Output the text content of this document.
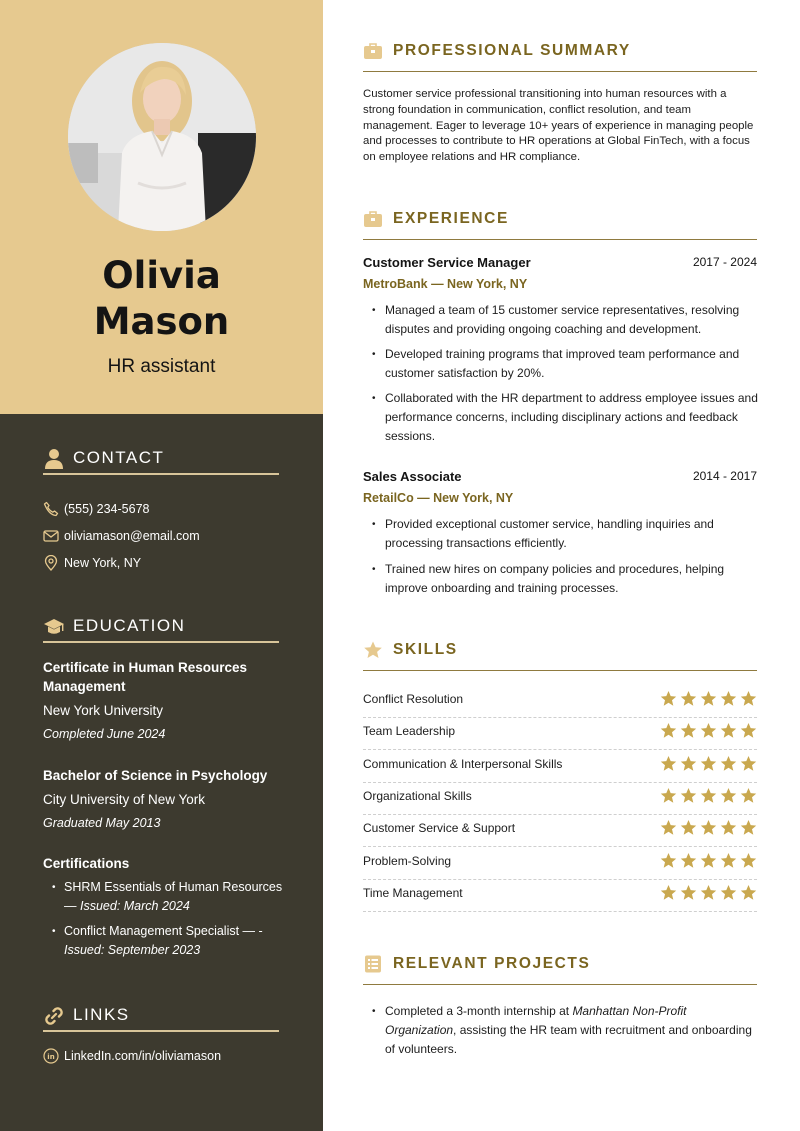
Olivia
Mason
HR assistant
CONTACT
(555) 234-5678
oliviamason@email.com
New York, NY
EDUCATION
Certificate in Human Resources Management
New York University
Completed June 2024
Bachelor of Science in Psychology
City University of New York
Graduated May 2013
Certifications
• SHRM Essentials of Human Resources — Issued: March 2024
• Conflict Management Specialist — - Issued: September 2023
LINKS
in LinkedIn.com/in/oliviamason
PROFESSIONAL SUMMARY
Customer service professional transitioning into human resources with a strong foundation in communication, conflict resolution, and team management. Eager to leverage 10+ years of experience in managing people and processes to contribute to HR operations at Global FinTech, with a focus on employee relations and HR compliance.
EXPERIENCE
Customer Service Manager	2017 - 2024
MetroBank — New York, NY
• Managed a team of 15 customer service representatives, resolving disputes and providing ongoing coaching and development.
• Developed training programs that improved team performance and customer satisfaction by 20%.
• Collaborated with the HR department to address employee issues and performance concerns, including disciplinary actions and feedback sessions.
Sales Associate	2014 - 2017
RetailCo — New York, NY
• Provided exceptional customer service, handling inquiries and processing transactions efficiently.
• Trained new hires on company policies and procedures, helping improve onboarding and training processes.
SKILLS
Conflict Resolution
Team Leadership
Communication & Interpersonal Skills
Organizational Skills
Customer Service & Support
Problem-Solving
Time Management
RELEVANT PROJECTS
• Completed a 3-month internship at Manhattan Non-Profit Organization, assisting the HR team with recruitment and onboarding of volunteers.
